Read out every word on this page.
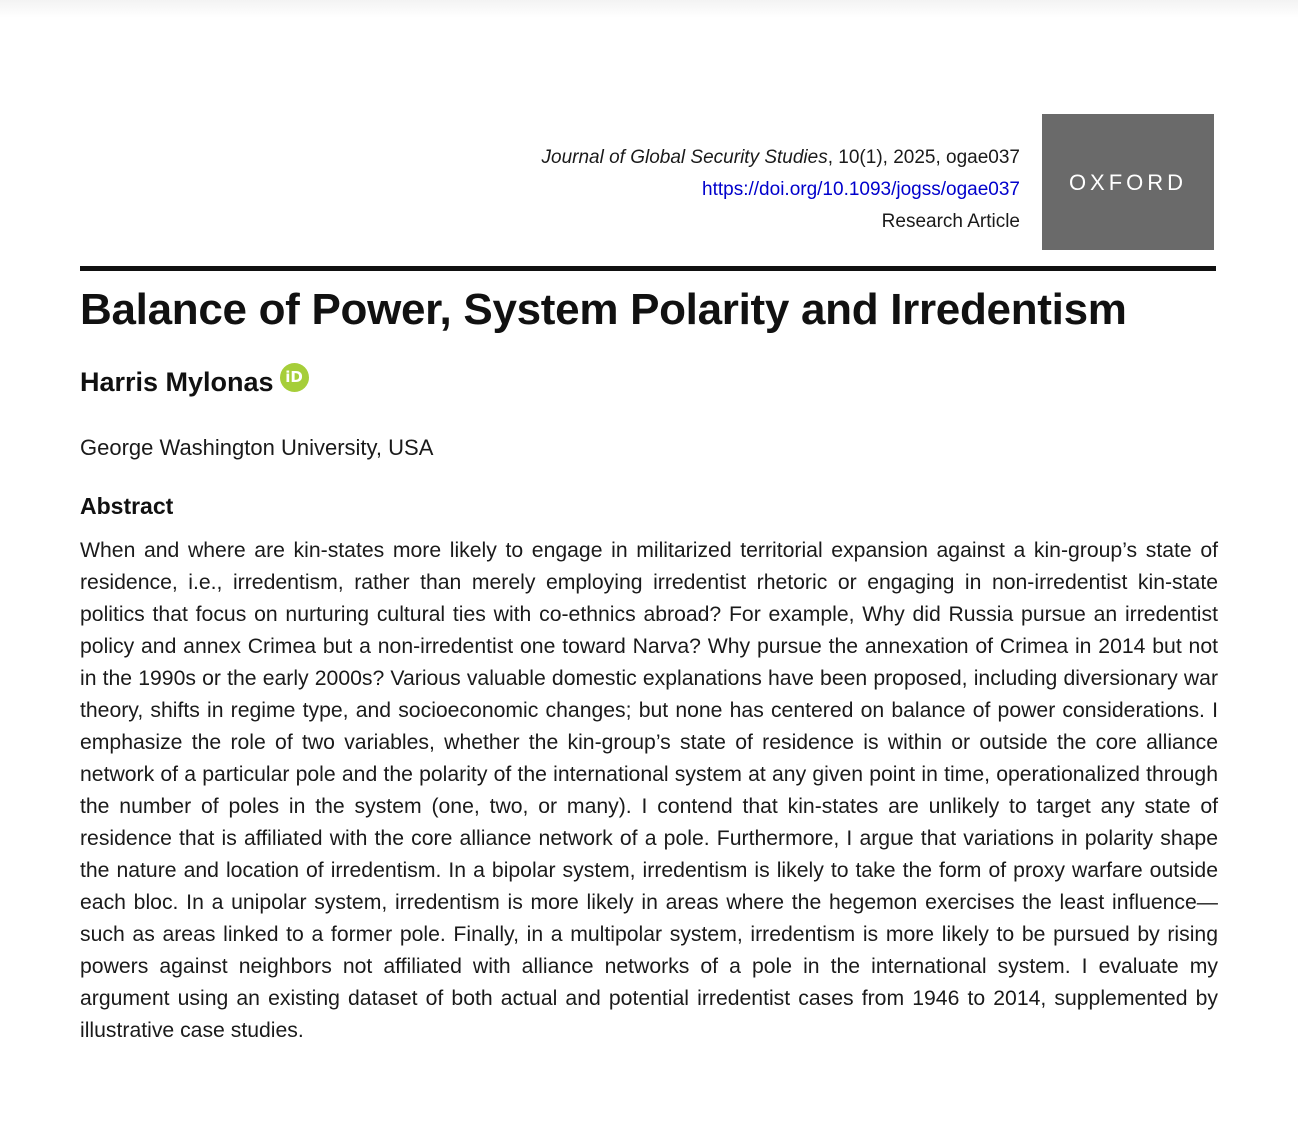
Journal of Global Security Studies, 10(1), 2025, ogae037
https://doi.org/10.1093/jogss/ogae037
Research Article
OXFORD
Balance of Power, System Polarity and Irredentism
Harris Mylonas iD
George Washington University, USA
Abstract

When and where are kin-states more likely to engage in militarized territorial expansion against a kin-group’s state of residence, i.e., irredentism, rather than merely employing irredentist rhetoric or engaging in non-irredentist kin-state politics that focus on nurturing cultural ties with co-ethnics abroad? For example, Why did Russia pursue an irredentist policy and annex Crimea but a non-irredentist one toward Narva? Why pursue the annexation of Crimea in 2014 but not in the 1990s or the early 2000s? Various valuable domestic explanations have been proposed, including diversionary war theory, shifts in regime type, and socioeconomic changes; but none has centered on balance of power considerations. I emphasize the role of two variables, whether the kin-group’s state of residence is within or outside the core alliance network of a particular pole and the polarity of the international system at any given point in time, operationalized through the number of poles in the system (one, two, or many). I contend that kin-states are unlikely to target any state of residence that is affiliated with the core alliance network of a pole. Furthermore, I argue that variations in polarity shape the nature and location of irredentism. In a bipolar system, irredentism is likely to take the form of proxy warfare outside each bloc. In a unipolar system, irredentism is more likely in areas where the hegemon exercises the least influence—such as areas linked to a former pole. Finally, in a multipolar system, irredentism is more likely to be pursued by rising powers against neighbors not affiliated with alliance networks of a pole in the international system. I evaluate my argument using an existing dataset of both actual and potential irredentist cases from 1946 to 2014, supplemented by illustrative case studies.
